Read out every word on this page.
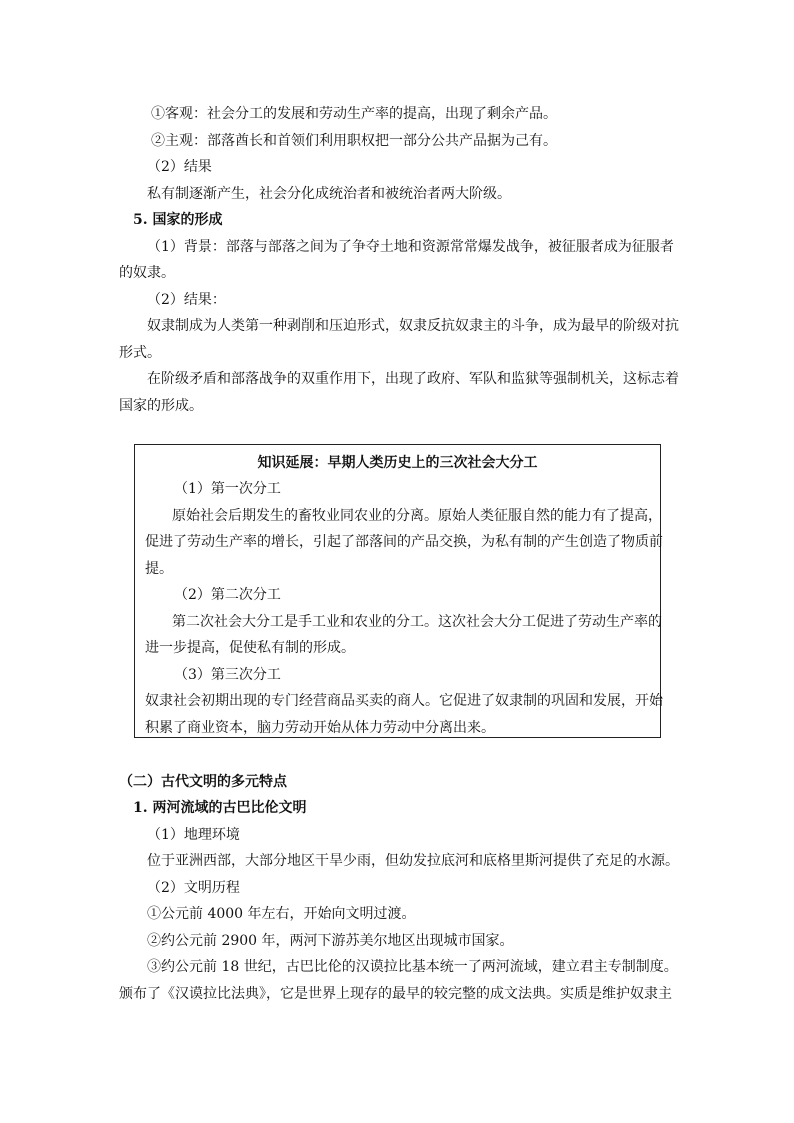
①客观：社会分工的发展和劳动生产率的提高，出现了剩余产品。
②主观：部落酋长和首领们利用职权把一部分公共产品据为己有。
（2）结果
私有制逐渐产生，社会分化成统治者和被统治者两大阶级。
5. 国家的形成
（1）背景：部落与部落之间为了争夺土地和资源常常爆发战争，被征服者成为征服者
的奴隶。
（2）结果：
奴隶制成为人类第一种剥削和压迫形式，奴隶反抗奴隶主的斗争，成为最早的阶级对抗
形式。
在阶级矛盾和部落战争的双重作用下，出现了政府、军队和监狱等强制机关，这标志着
国家的形成。
知识延展：早期人类历史上的三次社会大分工
（1）第一次分工
原始社会后期发生的畜牧业同农业的分离。原始人类征服自然的能力有了提高，
促进了劳动生产率的增长，引起了部落间的产品交换，为私有制的产生创造了物质前
提。
（2）第二次分工
第二次社会大分工是手工业和农业的分工。这次社会大分工促进了劳动生产率的
进一步提高，促使私有制的形成。
（3）第三次分工
奴隶社会初期出现的专门经营商品买卖的商人。它促进了奴隶制的巩固和发展，开始
积累了商业资本，脑力劳动开始从体力劳动中分离出来。
（二）古代文明的多元特点
1. 两河流域的古巴比伦文明
（1）地理环境
位于亚洲西部，大部分地区干旱少雨，但幼发拉底河和底格里斯河提供了充足的水源。
（2）文明历程
①公元前 4000 年左右，开始向文明过渡。
②约公元前 2900 年，两河下游苏美尔地区出现城市国家。
③约公元前 18 世纪，古巴比伦的汉谟拉比基本统一了两河流域，建立君主专制制度。
颁布了《汉谟拉比法典》，它是世界上现存的最早的较完整的成文法典。实质是维护奴隶主
